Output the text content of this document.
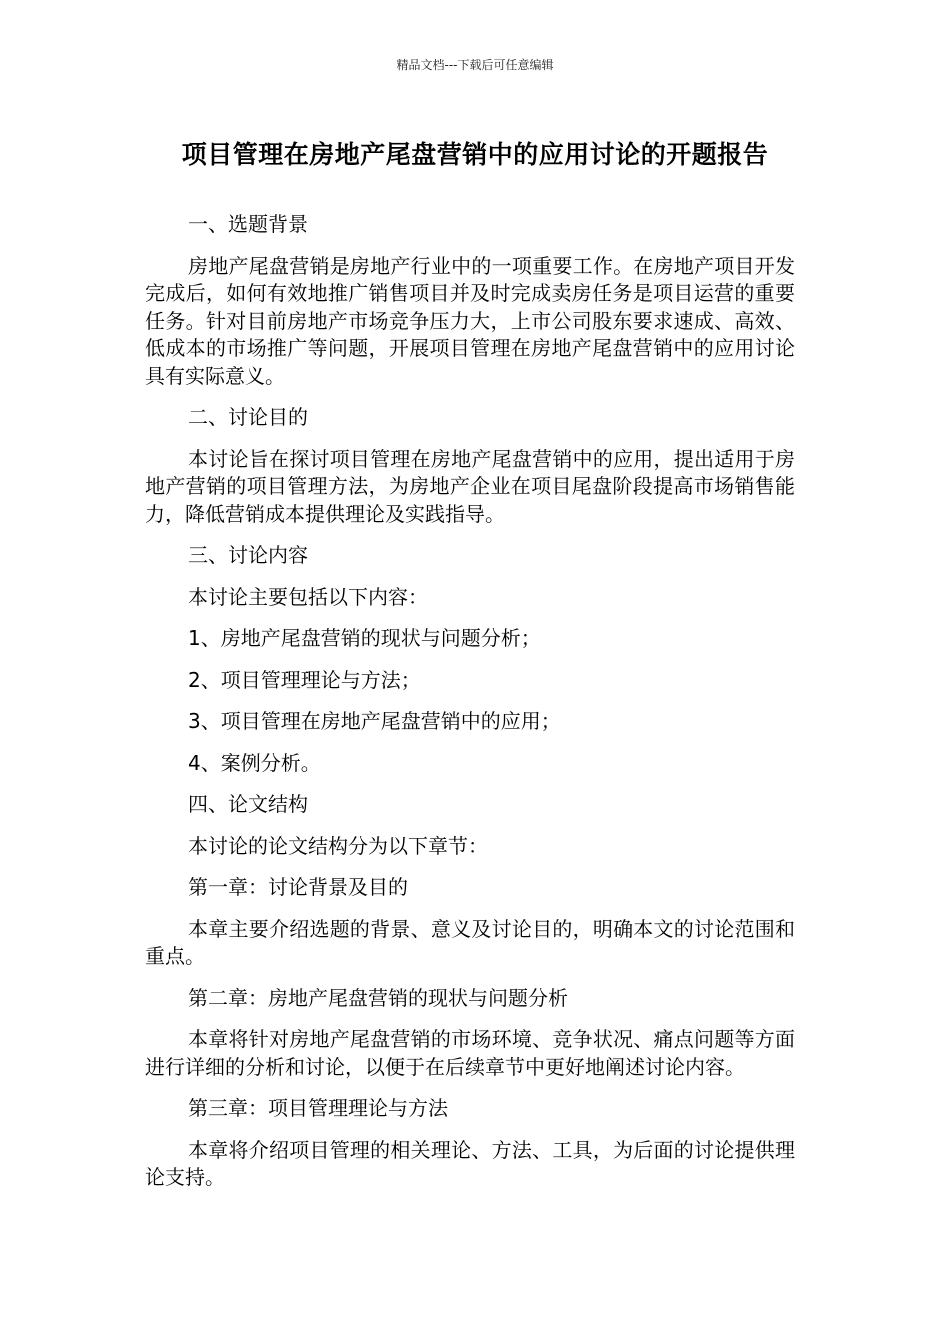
精品文档---下载后可任意编辑
项目管理在房地产尾盘营销中的应用讨论的开题报告

一、选题背景

房地产尾盘营销是房地产行业中的一项重要工作。在房地产项目开发完成后，如何有效地推广销售项目并及时完成卖房任务是项目运营的重要任务。针对目前房地产市场竞争压力大，上市公司股东要求速成、高效、低成本的市场推广等问题，开展项目管理在房地产尾盘营销中的应用讨论具有实际意义。

二、讨论目的

本讨论旨在探讨项目管理在房地产尾盘营销中的应用，提出适用于房地产营销的项目管理方法，为房地产企业在项目尾盘阶段提高市场销售能力，降低营销成本提供理论及实践指导。

三、讨论内容

本讨论主要包括以下内容：

1、房地产尾盘营销的现状与问题分析；

2、项目管理理论与方法；

3、项目管理在房地产尾盘营销中的应用；

4、案例分析。

四、论文结构

本讨论的论文结构分为以下章节：

第一章：讨论背景及目的

本章主要介绍选题的背景、意义及讨论目的，明确本文的讨论范围和重点。

第二章：房地产尾盘营销的现状与问题分析

本章将针对房地产尾盘营销的市场环境、竞争状况、痛点问题等方面进行详细的分析和讨论，以便于在后续章节中更好地阐述讨论内容。

第三章：项目管理理论与方法

本章将介绍项目管理的相关理论、方法、工具，为后面的讨论提供理论支持。
